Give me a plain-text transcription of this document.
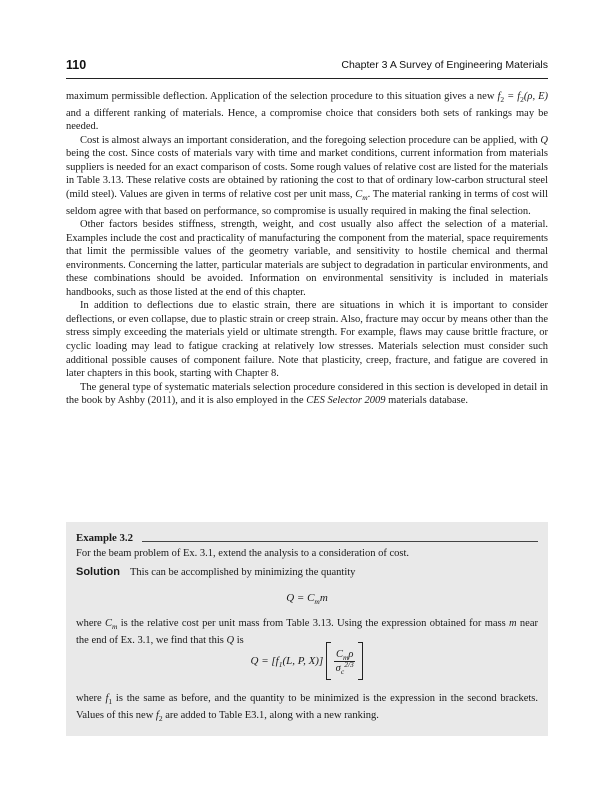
110	Chapter 3 A Survey of Engineering Materials

maximum permissible deflection. Application of the selection procedure to this situation gives a new $f_2 = f_2(\rho$, E) and a different ranking of materials. Hence, a compromise choice that considers both sets of rankings may be needed.

Cost is almost always an important consideration, and the foregoing selection procedure can be applied, with Q being the cost. Since costs of materials vary with time and market conditions, current information from materials suppliers is needed for an exact comparison of costs. Some rough values of relative cost are listed for the materials in Table 3.13. These relative costs are obtained by rationing the cost to that of ordinary low-carbon structural steel (mild steel). Values are given in terms of relative cost per unit mass, $C_m$. The material ranking in terms of cost will seldom agree with that based on performance, so compromise is usually required in making the final selection.

Other factors besides stiffness, strength, weight, and cost usually also affect the selection of a material. Examples include the cost and practicality of manufacturing the component from the material, space requirements that limit the permissible values of the geometry variable, and sensitivity to hostile chemical and thermal environments. Concerning the latter, particular materials are subject to degradation in particular environments, and these combinations should be avoided. Information on environmental sensitivity is included in materials handbooks, such as those listed at the end of this chapter.

In addition to deflections due to elastic strain, there are situations in which it is important to consider deflections, or even collapse, due to plastic strain or creep strain. Also, fracture may occur by means other than the stress simply exceeding the materials yield or ultimate strength. For example, flaws may cause brittle fracture, or cyclic loading may lead to fatigue cracking at relatively low stresses. Materials selection must consider such additional possible causes of component failure. Note that plasticity, creep, fracture, and fatigue are covered in later chapters in this book, starting with Chapter 8.

The general type of systematic materials selection procedure considered in this section is developed in detail in the book by Ashby (2011), and it is also employed in the CES Selector 2009 materials database.

Example 3.2
For the beam problem of Ex. 3.1, extend the analysis to a consideration of cost.
Solution This can be accomplished by minimizing the quantity
$Q = C_mm$
where $C_m$ is the relative cost per unit mass from Table 3.13. Using the expression obtained for mass m near the end of Ex. 3.1, we find that this Q is
$Q = [f_1(L$, P, $X)] \frac{C_m\rho}{\sigma_c^{2/3}}$
where $f_1$ is the same as before, and the quantity to be minimized is the expression in the second brackets. Values of this new $f_2$ are added to Table E3.1, along with a new ranking.
